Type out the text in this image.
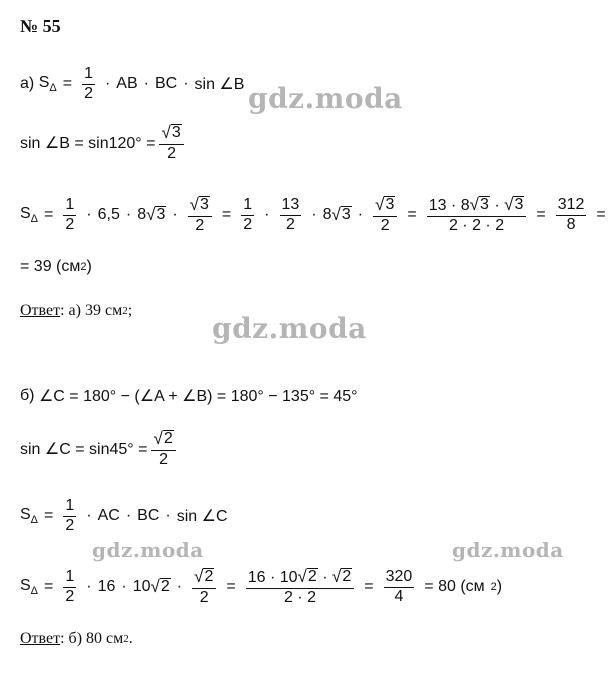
№ 55
а)
$S_\Delta = \frac{1}{2}$ · AB · BC · sin ∠B
sin ∠B = $\sin 120^\circ = \frac{√ 3}{2}$
$S_\Delta = \frac{1}{2} \cdot 6,5 \cdot 8$ √ $3 \cdot \frac{√ 3}{2} = \frac{1}{2} \cdot \frac{13}{2} \cdot 8$ √ $3 \cdot \frac{√ 3}{2} = \frac{13 \cdot 8 √ 3 \cdot √ 3}{2 \cdot 2 \cdot 2} = \frac{312}{8}$ =
= 39 (см 2 )
Ответ : а) 39 см 2 ;
б)
∠C = 180° − (∠A + ∠B) = 180° − 135° = 45°
sin ∠C = $\sin 45^\circ = \frac{√ 2}{2}$
$S_\Delta = \frac{1}{2}$ · AC · BC · sin ∠C
$S_\Delta = \frac{1}{2} \cdot 16 \cdot 10$ √ $2 \cdot \frac{√ 2}{2} = \frac{16 \cdot 10 √ 2 \cdot √ 2}{2 \cdot 2} = \frac{320}{4} = 80$ (см 2 )
Ответ : б) 80 см 2 .
gdz.moda
gdz.moda
gdz.moda	gdz.moda
